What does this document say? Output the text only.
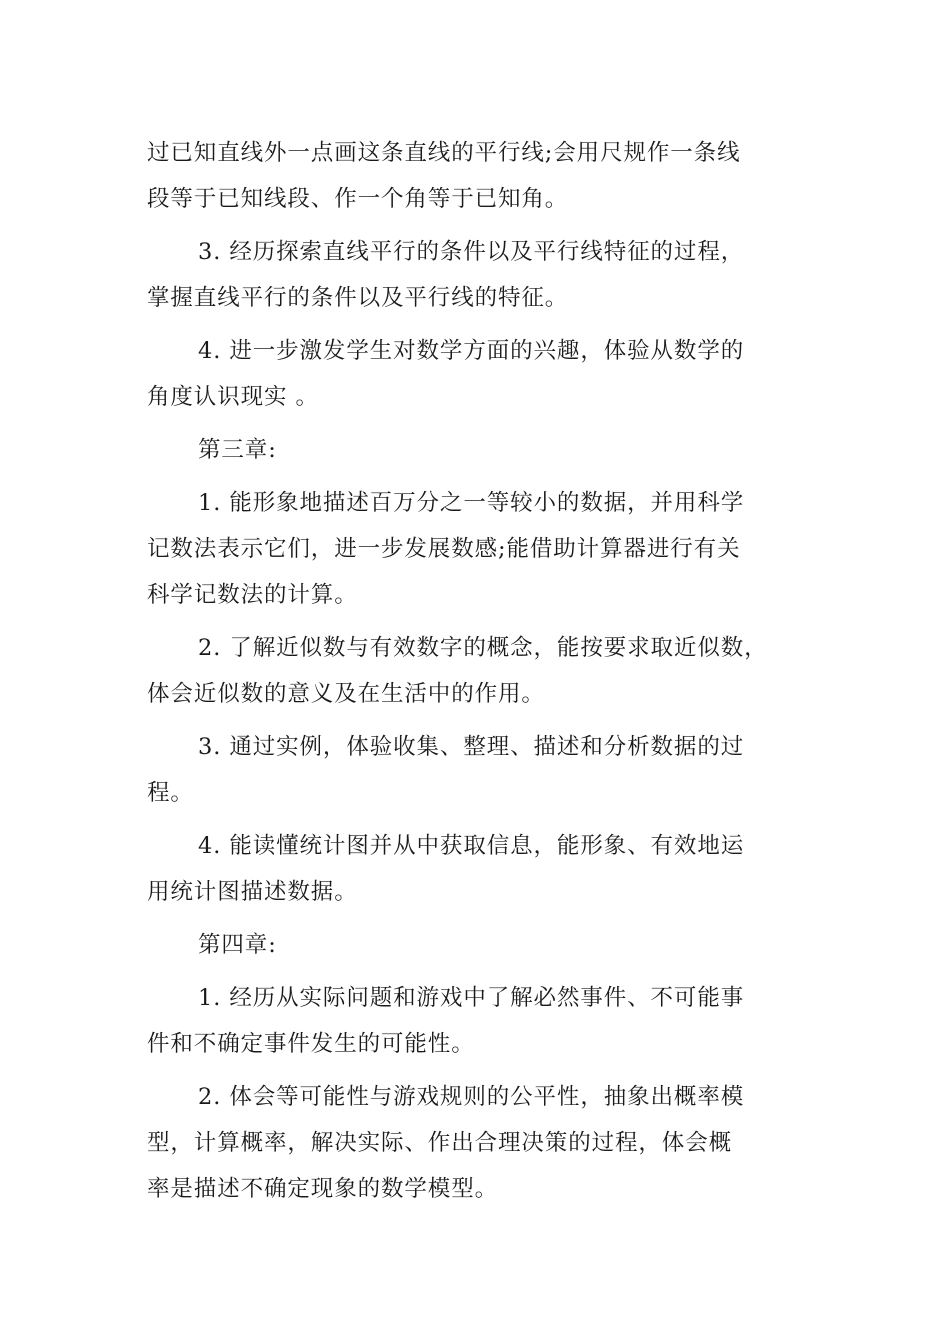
过已知直线外一点画这条直线的平行线;会用尺规作一条线
段等于已知线段、作一个角等于已知角。

3. 经历探索直线平行的条件以及平行线特征的过程，
掌握直线平行的条件以及平行线的特征。

4. 进一步激发学生对数学方面的兴趣，体验从数学的
角度认识现实 。

第三章:

1. 能形象地描述百万分之一等较小的数据，并用科学
记数法表示它们，进一步发展数感;能借助计算器进行有关
科学记数法的计算。

2. 了解近似数与有效数字的概念，能按要求取近似数，
体会近似数的意义及在生活中的作用。

3. 通过实例，体验收集、整理、描述和分析数据的过
程。

4. 能读懂统计图并从中获取信息，能形象、有效地运
用统计图描述数据。

第四章:

1. 经历从实际问题和游戏中了解必然事件、不可能事
件和不确定事件发生的可能性。

2. 体会等可能性与游戏规则的公平性，抽象出概率模
型，计算概率，解决实际、作出合理决策的过程，体会概
率是描述不确定现象的数学模型。
